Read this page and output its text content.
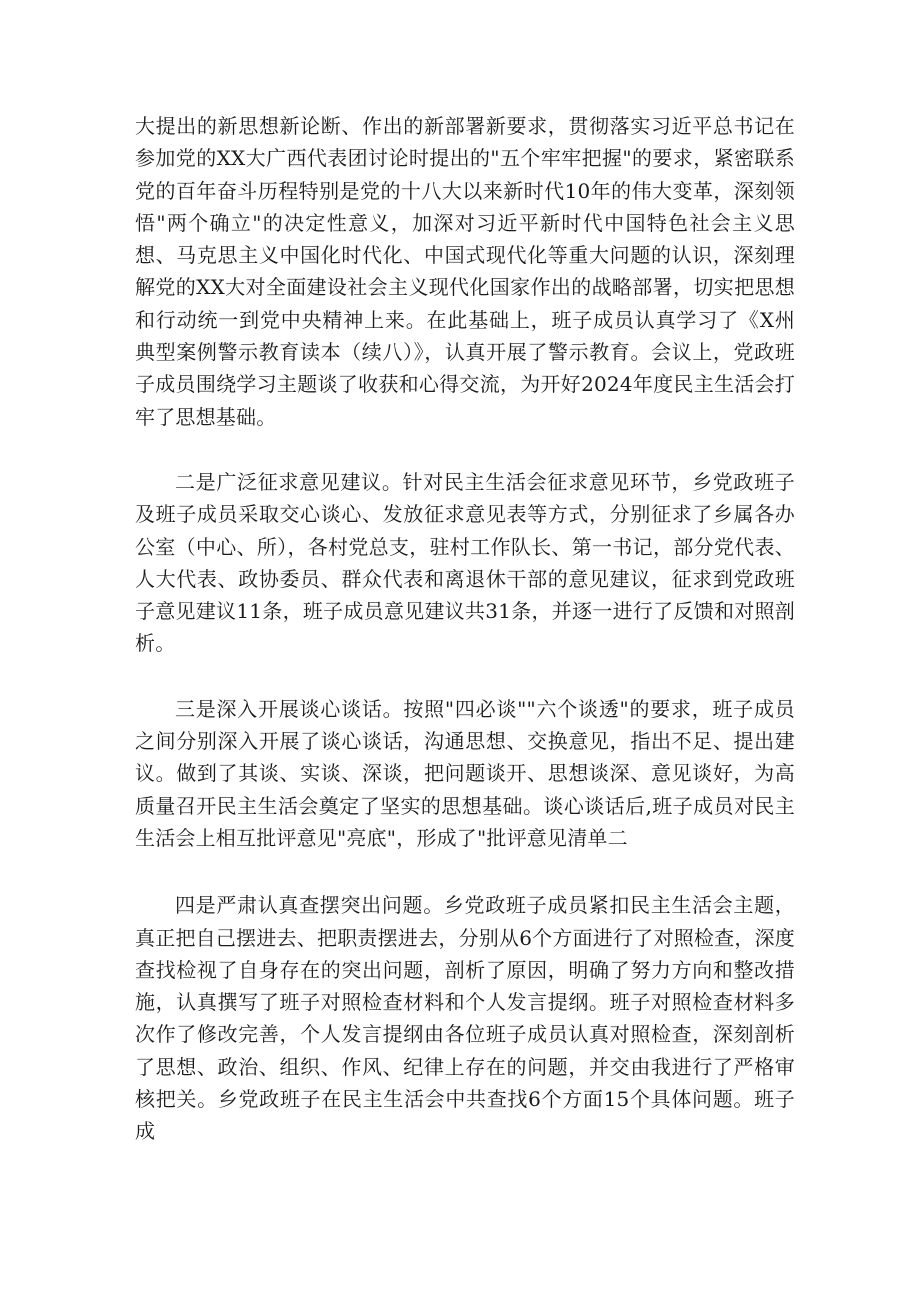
大提出的新思想新论断、作出的新部署新要求，贯彻落实习近平总书记在参加党的XX大广西代表团讨论时提出的"五个牢牢把握"的要求，紧密联系党的百年奋斗历程特别是党的十八大以来新时代10年的伟大变革，深刻领悟"两个确立"的决定性意义，加深对习近平新时代中国特色社会主义思想、马克思主义中国化时代化、中国式现代化等重大问题的认识，深刻理解党的XX大对全面建设社会主义现代化国家作出的战略部署，切实把思想和行动统一到党中央精神上来。在此基础上，班子成员认真学习了《X州典型案例警示教育读本（续八）》，认真开展了警示教育。会议上，党政班子成员围绕学习主题谈了收获和心得交流，为开好2024年度民主生活会打牢了思想基础。

二是广泛征求意见建议。针对民主生活会征求意见环节，乡党政班子及班子成员采取交心谈心、发放征求意见表等方式，分别征求了乡属各办公室（中心、所），各村党总支，驻村工作队长、第一书记，部分党代表、人大代表、政协委员、群众代表和离退休干部的意见建议，征求到党政班子意见建议11条，班子成员意见建议共31条，并逐一进行了反馈和对照剖析。

三是深入开展谈心谈话。按照"四必谈""六个谈透"的要求，班子成员之间分别深入开展了谈心谈话，沟通思想、交换意见，指出不足、提出建议。做到了其谈、实谈、深谈，把问题谈开、思想谈深、意见谈好，为高质量召开民主生活会奠定了坚实的思想基础。谈心谈话后,班子成员对民主生活会上相互批评意见"亮底"，形成了"批评意见清单二

四是严肃认真查摆突出问题。乡党政班子成员紧扣民主生活会主题，真正把自己摆进去、把职责摆进去，分别从6个方面进行了对照检查，深度查找检视了自身存在的突出问题，剖析了原因，明确了努力方向和整改措施，认真撰写了班子对照检查材料和个人发言提纲。班子对照检查材料多次作了修改完善，个人发言提纲由各位班子成员认真对照检查，深刻剖析了思想、政治、组织、作风、纪律上存在的问题，并交由我进行了严格审核把关。乡党政班子在民主生活会中共查找6个方面15个具体问题。班子成
